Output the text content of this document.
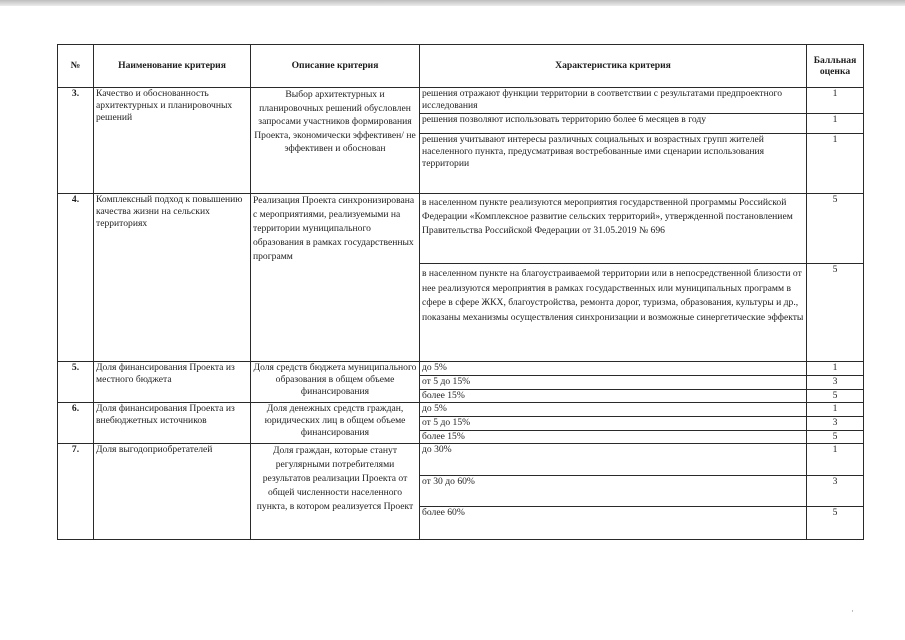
№	Наименование критерия	Описание критерия	Характеристика критерия	Балльная оценка
3.	Качество и обоснованность архитектурных и планировочных решений	Выбор архитектурных и планировочных решений обусловлен запросами участников формирования Проекта, экономически эффективен/ не эффективен и обоснован	решения отражают функции территории в соответствии с результатами предпроектного исследования	1
			решения позволяют использовать территорию более 6 месяцев в году	1
			решения учитывают интересы различных социальных и возрастных групп жителей населенного пункта, предусматривая востребованные ими сценарии использования территории	1
4.	Комплексный подход к повышению качества жизни на сельских территориях	Реализация Проекта синхронизирована с мероприятиями, реализуемыми на территории муниципального образования в рамках государственных программ	в населенном пункте реализуются мероприятия государственной программы Российской Федерации «Комплексное развитие сельских территорий», утвержденной постановлением Правительства Российской Федерации от 31.05.2019 № 696	5
			в населенном пункте на благоустраиваемой территории или в непосредственной близости от нее реализуются мероприятия в рамках государственных или муниципальных программ в сфере в сфере ЖКХ, благоустройства, ремонта дорог, туризма, образования, культуры и др., показаны механизмы осуществления синхронизации и возможные синергетические эффекты	5
5.	Доля финансирования Проекта из местного бюджета	Доля средств бюджета муниципального образования в общем объеме финансирования	до 5%	1
			от 5 до 15%	3
			более 15%	5
6.	Доля финансирования Проекта из внебюджетных источников	Доля денежных средств граждан, юридических лиц в общем объеме финансирования	до 5%	1
			от 5 до 15%	3
			более 15%	5
7.	Доля выгодоприобретателей	Доля граждан, которые станут регулярными потребителями результатов реализации Проекта от общей численности населенного пункта, в котором реализуется Проект	до 30%	1
			от 30 до 60%	3
			более 60%	5
·
